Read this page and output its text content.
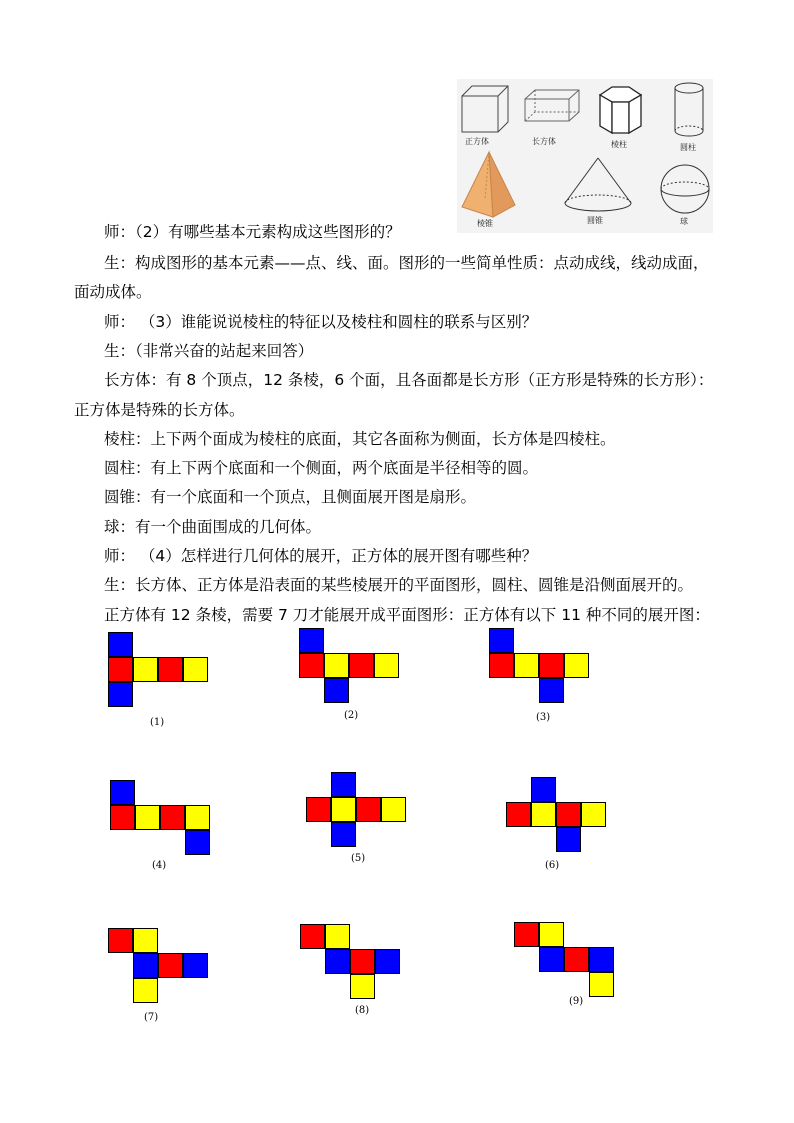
正方体	长方体	棱柱	圆柱
棱锥	圆锥	球
师：（2）有哪些基本元素构成这些图形的？
生：构成图形的基本元素——点、线、面。图形的一些简单性质：点动成线，线动成面，
面动成体。
师： （3）谁能说说棱柱的特征以及棱柱和圆柱的联系与区别？
生：（非常兴奋的站起来回答）
长方体：有 8 个顶点，12 条棱，6 个面，且各面都是长方形（正方形是特殊的长方形）：
正方体是特殊的长方体。
棱柱：上下两个面成为棱柱的底面，其它各面称为侧面，长方体是四棱柱。
圆柱：有上下两个底面和一个侧面，两个底面是半径相等的圆。
圆锥：有一个底面和一个顶点，且侧面展开图是扇形。
球：有一个曲面围成的几何体。
师： （4）怎样进行几何体的展开，正方体的展开图有哪些种？
生：长方体、正方体是沿表面的某些棱展开的平面图形，圆柱、圆锥是沿侧面展开的。
正方体有 12 条棱，需要 7 刀才能展开成平面图形：正方体有以下 11 种不同的展开图：
(1)
(2)	(3)
(4)
(5)
(6)
(7)
(8)
(9)
